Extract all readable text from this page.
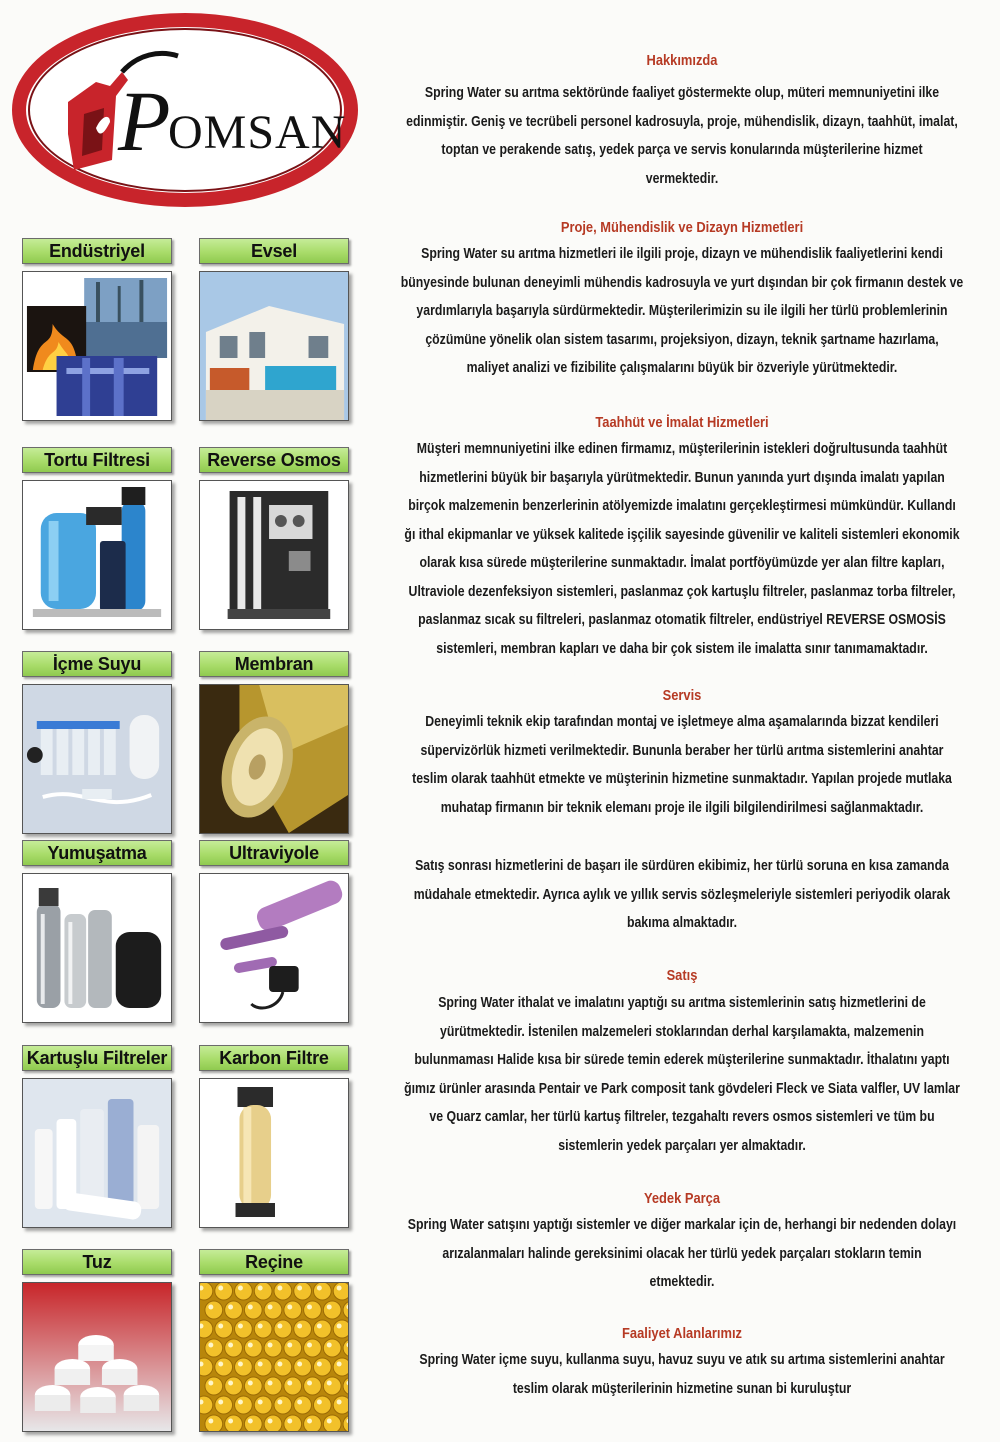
P
OMSAN
Endüstriyel	Evsel
Tortu Filtresi	Reverse Osmos
İçme Suyu	Membran
Yumuşatma	Ultraviyole
Kartuşlu Filtreler	Karbon Filtre
Tuz	Reçine
Hakkımızda

Spring Water su arıtma sektöründe faaliyet göstermekte olup, müteri memnuniyetini ilke
edinmiştir. Geniş ve tecrübeli personel kadrosuyla, proje, mühendislik, dizayn, taahhüt, imalat,
toptan ve perakende satış, yedek parça ve servis konularında müşterilerine hizmet
vermektedir.

Proje, Mühendislik ve Dizayn Hizmetleri

Spring Water su arıtma hizmetleri ile ilgili proje, dizayn ve mühendislik faaliyetlerini kendi
bünyesinde bulunan deneyimli mühendis kadrosuyla ve yurt dışından bir çok firmanın destek ve
yardımlarıyla başarıyla sürdürmektedir. Müşterilerimizin su ile ilgili her türlü problemlerinin
çözümüne yönelik olan sistem tasarımı, projeksiyon, dizayn, teknik şartname hazırlama,
maliyet analizi ve fizibilite çalışmalarını büyük bir özveriyle yürütmektedir.

Taahhüt ve İmalat Hizmetleri

Müşteri memnuniyetini ilke edinen firmamız, müşterilerinin istekleri doğrultusunda taahhüt
hizmetlerini büyük bir başarıyla yürütmektedir. Bunun yanında yurt dışında imalatı yapılan
birçok malzemenin benzerlerinin atölyemizde imalatını gerçekleştirmesi mümkündür. Kullandı
ğı ithal ekipmanlar ve yüksek kalitede işçilik sayesinde güvenilir ve kaliteli sistemleri ekonomik
olarak kısa sürede müşterilerine sunmaktadır. İmalat portföyümüzde yer alan filtre kapları,
Ultraviole dezenfeksiyon sistemleri, paslanmaz çok kartuşlu filtreler, paslanmaz torba filtreler,
paslanmaz sıcak su filtreleri, paslanmaz otomatik filtreler, endüstriyel REVERSE OSMOSİS
sistemleri, membran kapları ve daha bir çok sistem ile imalatta sınır tanımamaktadır.

Servis

Deneyimli teknik ekip tarafından montaj ve işletmeye alma aşamalarında bizzat kendileri
süpervizörlük hizmeti verilmektedir. Bununla beraber her türlü arıtma sistemlerini anahtar
teslim olarak taahhüt etmekte ve müşterinin hizmetine sunmaktadır. Yapılan projede mutlaka
muhatap firmanın bir teknik elemanı proje ile ilgili bilgilendirilmesi sağlanmaktadır.

Satış sonrası hizmetlerini de başarı ile sürdüren ekibimiz, her türlü soruna en kısa zamanda
müdahale etmektedir. Ayrıca aylık ve yıllık servis sözleşmeleriyle sistemleri periyodik olarak
bakıma almaktadır.

Satış

Spring Water ithalat ve imalatını yaptığı su arıtma sistemlerinin satış hizmetlerini de
yürütmektedir. İstenilen malzemeleri stoklarından derhal karşılamakta, malzemenin
bulunmaması Halide kısa bir sürede temin ederek müşterilerine sunmaktadır. İthalatını yaptı
ğımız ürünler arasında Pentair ve Park composit tank gövdeleri Fleck ve Siata valfler, UV lamlar
ve Quarz camlar, her türlü kartuş filtreler, tezgahaltı revers osmos sistemleri ve tüm bu
sistemlerin yedek parçaları yer almaktadır.

Yedek Parça

Spring Water satışını yaptığı sistemler ve diğer markalar için de, herhangi bir nedenden dolayı
arızalanmaları halinde gereksinimi olacak her türlü yedek parçaları stokların temin
etmektedir.

Faaliyet Alanlarımız

Spring Water içme suyu, kullanma suyu, havuz suyu ve atık su artıma sistemlerini anahtar
teslim olarak müşterilerinin hizmetine sunan bi kuruluştur
